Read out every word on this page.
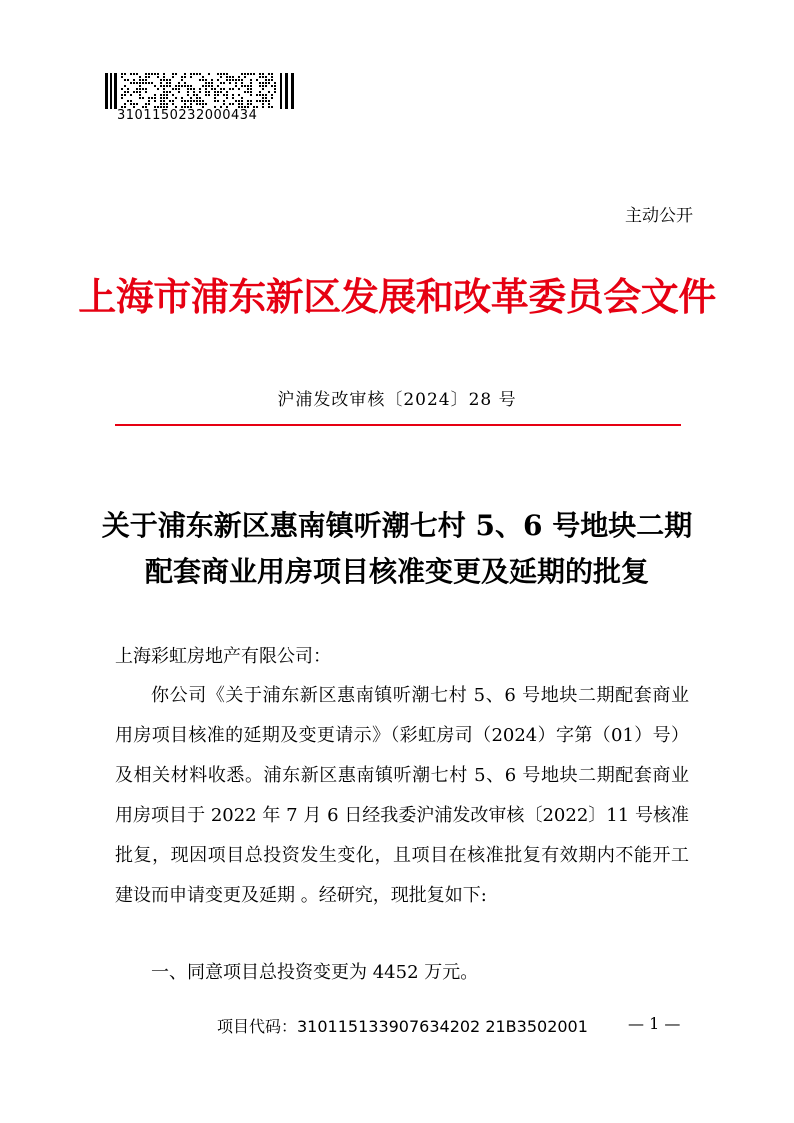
3101150232000434
主动公开
上海市浦东新区发展和改革委员会文件
沪浦发改审核〔2024〕28 号
关于浦东新区惠南镇听潮七村 5、6 号地块二期
配套商业用房项目核准变更及延期的批复
上海彩虹房地产有限公司：
你公司《关于浦东新区惠南镇听潮七村 5、6 号地块二期配套商业用房项目核准的延期及变更请示》（彩虹房司（2024）字第（01）号）及相关材料收悉。浦东新区惠南镇听潮七村 5、6 号地块二期配套商业用房项目于 2022 年 7 月 6 日经我委沪浦发改审核〔2022〕11 号核准批复，现因项目总投资发生变化，且项目在核准批复有效期内不能开工建设而申请变更及延期 。经研究，现批复如下:
一、同意项目总投资变更为 4452 万元。
项目代码：310115133907634202 21B3502001	— 1 —
